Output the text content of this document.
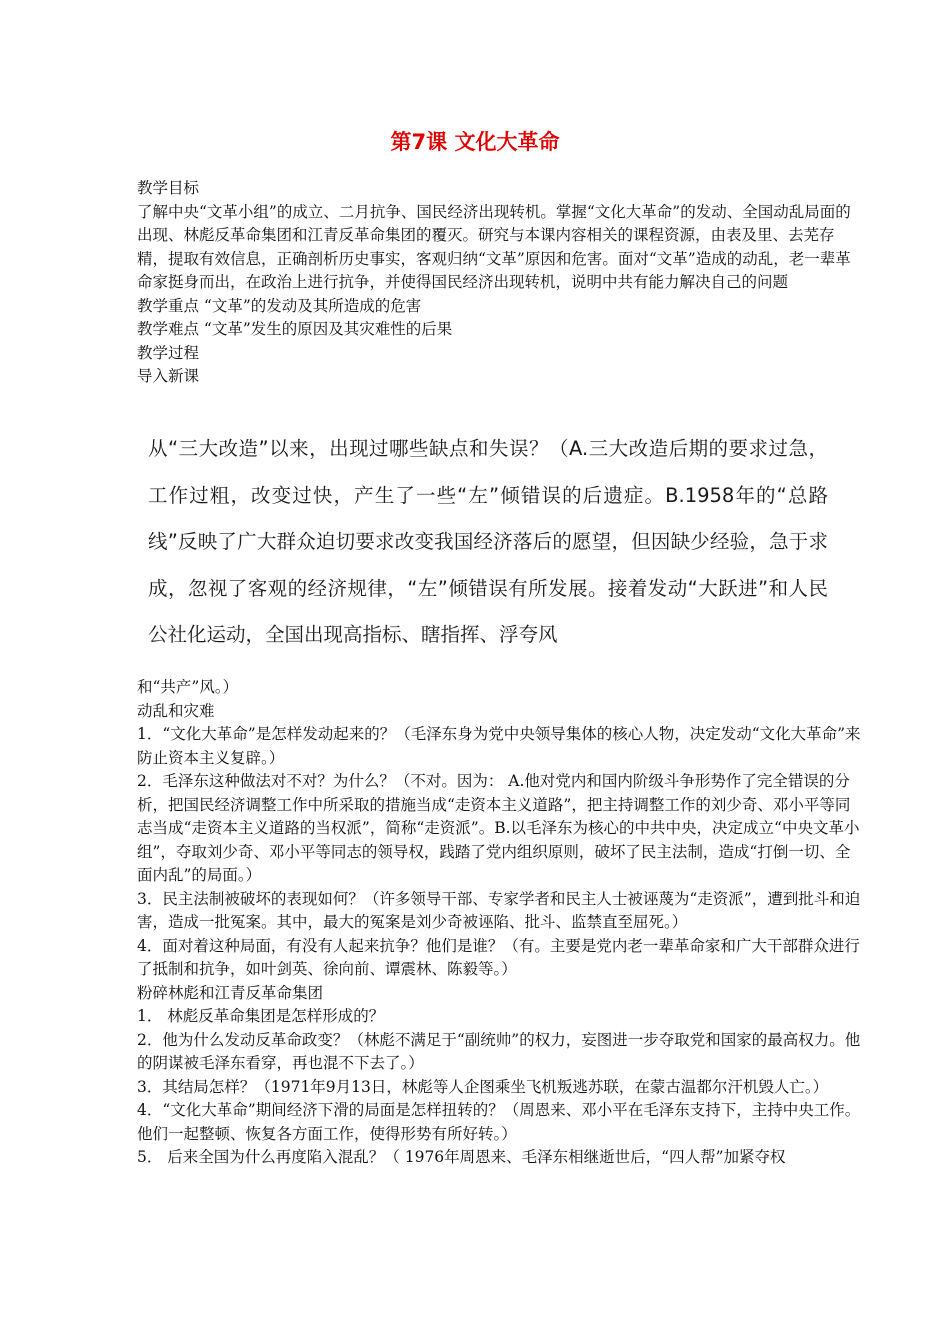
第7课 文化大革命

教学目标

了解中央“文革小组”的成立、二月抗争、国民经济出现转机。掌握“文化大革命”的发动、全国动乱局面的出现、林彪反革命集团和江青反革命集团的覆灭。研究与本课内容相关的课程资源，由表及里、去芜存精，提取有效信息，正确剖析历史事实，客观归纳“文革”原因和危害。面对“文革”造成的动乱，老一辈革命家挺身而出，在政治上进行抗争，并使得国民经济出现转机，说明中共有能力解决自己的问题

教学重点 “文革”的发动及其所造成的危害

教学难点 “文革”发生的原因及其灾难性的后果

教学过程

导入新课

从“三大改造”以来，出现过哪些缺点和失误？（A.三大改造后期的要求过急，工作过粗，改变过快，产生了一些“左”倾错误的后遗症。B.1958年的“总路线”反映了广大群众迫切要求改变我国经济落后的愿望，但因缺少经验，急于求成，忽视了客观的经济规律，“左”倾错误有所发展。接着发动“大跃进”和人民公社化运动，全国出现高指标、瞎指挥、浮夸风

和“共产”风。）

动乱和灾难

1．“文化大革命”是怎样发动起来的？（毛泽东身为党中央领导集体的核心人物，决定发动“文化大革命”来防止资本主义复辟。）

2．毛泽东这种做法对不对？为什么？（不对。因为： A.他对党内和国内阶级斗争形势作了完全错误的分析，把国民经济调整工作中所采取的措施当成“走资本主义道路”，把主持调整工作的刘少奇、邓小平等同志当成“走资本主义道路的当权派”，简称“走资派”。B.以毛泽东为核心的中共中央，决定成立“中央文革小组”，夺取刘少奇、邓小平等同志的领导权，践踏了党内组织原则，破坏了民主法制，造成“打倒一切、全面内乱”的局面。）

3．民主法制被破坏的表现如何？（许多领导干部、专家学者和民主人士被诬蔑为“走资派”，遭到批斗和迫害，造成一批冤案。其中，最大的冤案是刘少奇被诬陷、批斗、监禁直至屈死。）

4．面对着这种局面，有没有人起来抗争？他们是谁？（有。主要是党内老一辈革命家和广大干部群众进行了抵制和抗争，如叶剑英、徐向前、谭震林、陈毅等。）

粉碎林彪和江青反革命集团

1． 林彪反革命集团是怎样形成的？

2．他为什么发动反革命政变？（林彪不满足于“副统帅”的权力，妄图进一步夺取党和国家的最高权力。他的阴谋被毛泽东看穿，再也混不下去了。）

3．其结局怎样？（1971年9月13日，林彪等人企图乘坐飞机叛逃苏联，在蒙古温都尔汗机毁人亡。）

4．“文化大革命”期间经济下滑的局面是怎样扭转的？（周恩来、邓小平在毛泽东支持下，主持中央工作。他们一起整顿、恢复各方面工作，使得形势有所好转。）

5． 后来全国为什么再度陷入混乱？（ 1976年周恩来、毛泽东相继逝世后，“四人帮”加紧夺权
